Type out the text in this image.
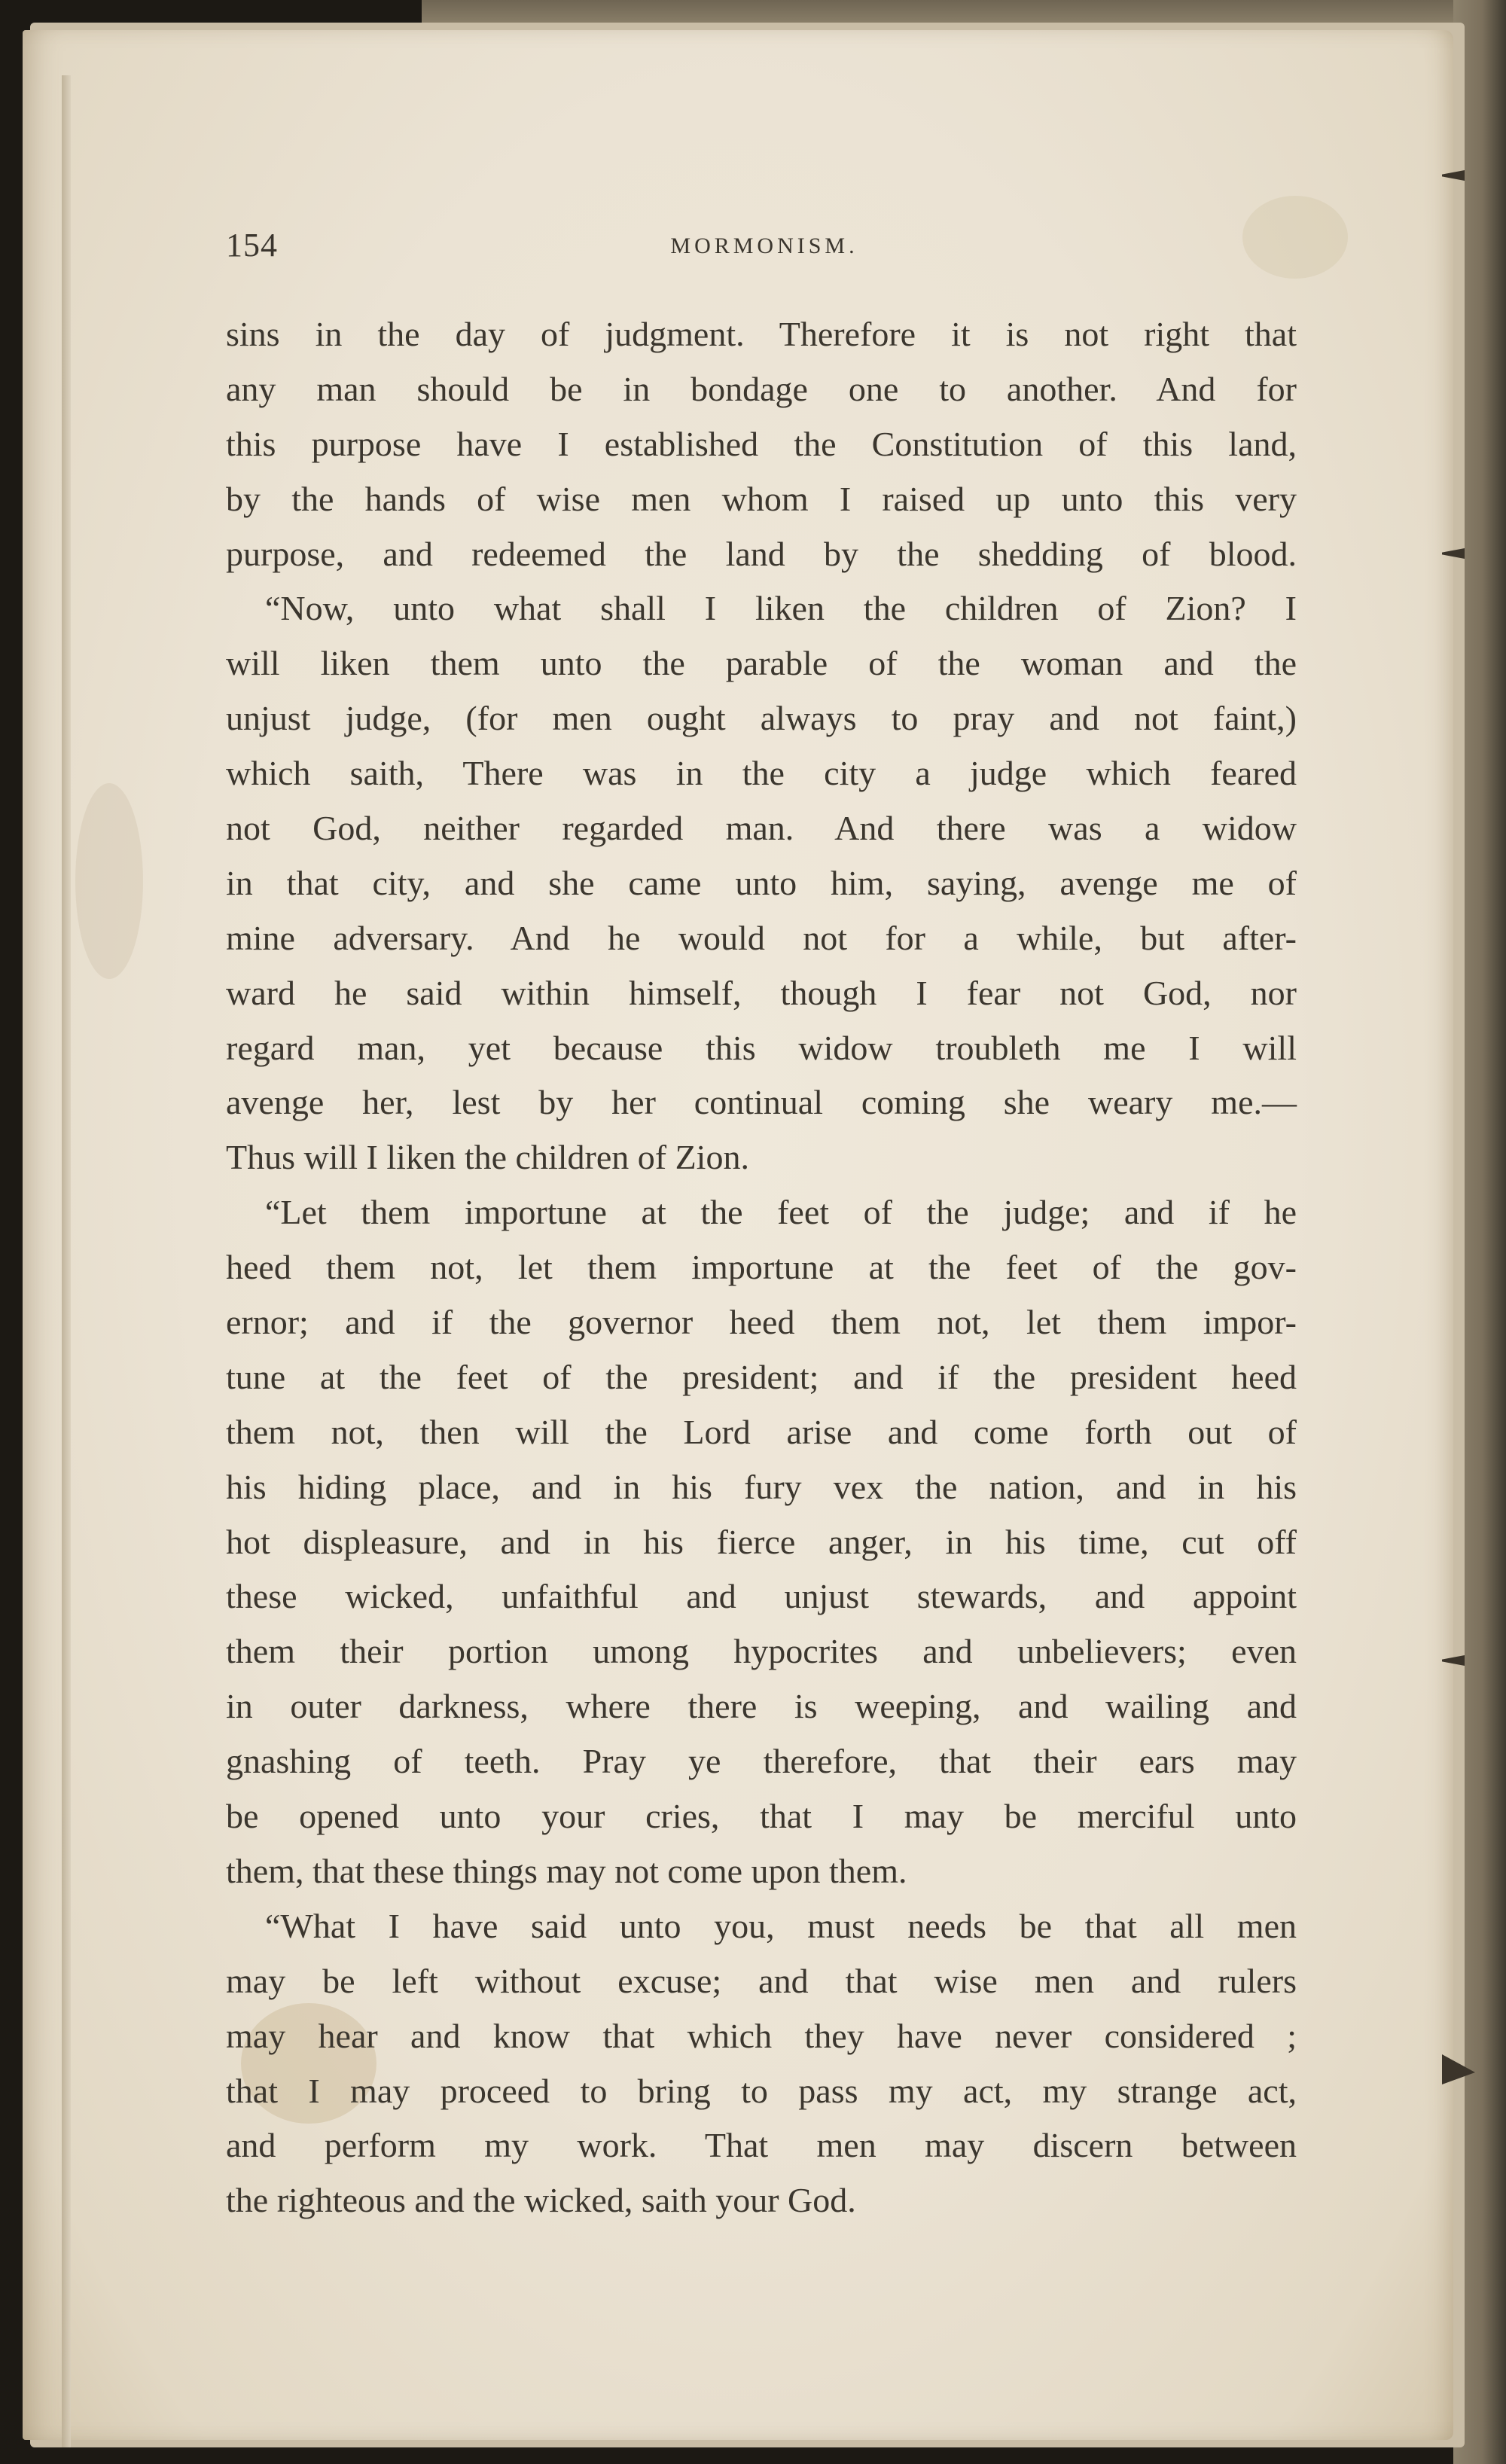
154	MORMONISM.
sins in the day of judgment. Therefore it is not right that
any man should be in bondage one to another. And for
this purpose have I established the Constitution of this land,
by the hands of wise men whom I raised up unto this very
purpose, and redeemed the land by the shedding of blood.
“Now, unto what shall I liken the children of Zion? I
will liken them unto the parable of the woman and the
unjust judge, (for men ought always to pray and not faint,)
which saith, There was in the city a judge which feared
not God, neither regarded man. And there was a widow
in that city, and she came unto him, saying, avenge me of
mine adversary. And he would not for a while, but after-
ward he said within himself, though I fear not God, nor
regard man, yet because this widow troubleth me I will
avenge her, lest by her continual coming she weary me.—
Thus will I liken the children of Zion.
“Let them importune at the feet of the judge; and if he
heed them not, let them importune at the feet of the gov-
ernor; and if the governor heed them not, let them impor-
tune at the feet of the president; and if the president heed
them not, then will the Lord arise and come forth out of
his hiding place, and in his fury vex the nation, and in his
hot displeasure, and in his fierce anger, in his time, cut off
these wicked, unfaithful and unjust stewards, and appoint
them their portion umong hypocrites and unbelievers; even
in outer darkness, where there is weeping, and wailing and
gnashing of teeth. Pray ye therefore, that their ears may
be opened unto your cries, that I may be merciful unto
them, that these things may not come upon them.
“What I have said unto you, must needs be that all men
may be left without excuse; and that wise men and rulers
may hear and know that which they have never considered ;
that I may proceed to bring to pass my act, my strange act,
and perform my work. That men may discern between
the righteous and the wicked, saith your God.
